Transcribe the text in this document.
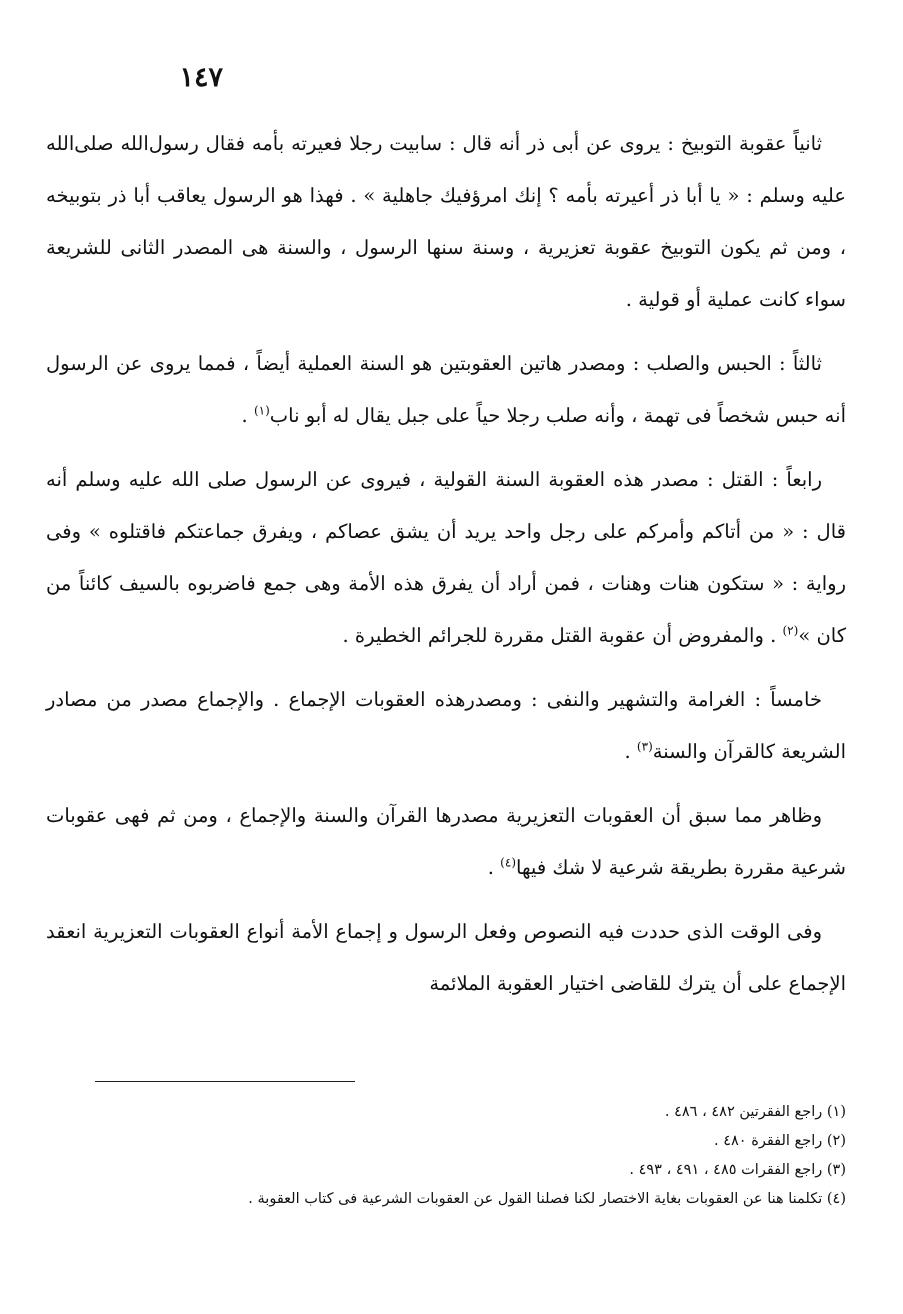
١٤٧

ثانياً عقوبة التوبيخ : يروى عن أبى ذر أنه قال : سابيت رجلا فعيرته بأمه فقال رسول‌الله صلى‌الله عليه وسلم : « يا أبا ذر أعيرته بأمه ؟ إنك امرؤفيك جاهلية » . فهذا هو الرسول يعاقب أبا ذر بتوبيخه ، ومن ثم يكون التوبيخ عقوبة تعزيرية ، وسنة سنها الرسول ، والسنة هى المصدر الثانى للشريعة سواء كانت عملية أو قولية .

ثالثاً : الحبس والصلب : ومصدر هاتين العقوبتين هو السنة العملية أيضاً ، فمما يروى عن الرسول أنه حبس شخصاً فى تهمة ، وأنه صلب رجلا حياً على جبل يقال له أبو ناب$^{(١)}$ .

رابعاً : القتل : مصدر هذه العقوبة السنة القولية ، فيروى عن الرسول صلى الله عليه وسلم أنه قال : « من أتاكم وأمركم على رجل واحد يريد أن يشق عصاكم ، ويفرق جماعتكم فاقتلوه » وفى رواية : « ستكون هنات وهنات ، فمن أراد أن يفرق هذه الأمة وهى جمع فاضربوه بالسيف كائناً من كان »$^{(٢)}$ . والمفروض أن عقوبة القتل مقررة للجرائم الخطيرة .

خامساً : الغرامة والتشهير والنفى : ومصدرهذه العقوبات الإجماع . والإجماع مصدر من مصادر الشريعة كالقرآن والسنة$^{(٣)}$ .

وظاهر مما سبق أن العقوبات التعزيرية مصدرها القرآن والسنة والإجماع ، ومن ثم فهى عقوبات شرعية مقررة بطريقة شرعية لا شك فيها$^{(٤)}$ .

وفى الوقت الذى حددت فيه النصوص وفعل الرسول و إجماع الأمة أنواع العقوبات التعزيرية انعقد الإجماع على أن يترك للقاضى اختيار العقوبة الملائمة

(١) راجع الفقرتين ٤٨٢ ، ٤٨٦ .

(٢) راجع الفقرة ٤٨٠ .

(٣) راجع الفقرات ٤٨٥ ، ٤٩١ ، ٤٩٣ .

(٤) تكلمنا هنا عن العقوبات بغاية الاختصار لكنا فصلنا القول عن العقوبات الشرعية فى كتاب العقوبة .
